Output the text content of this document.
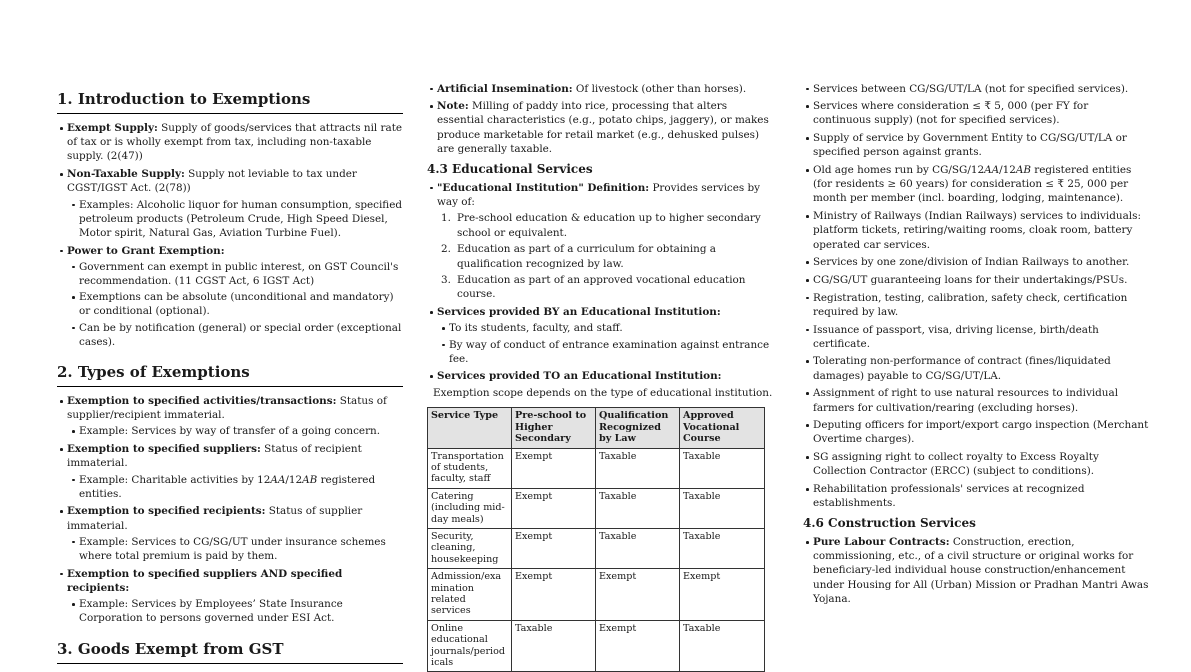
1. Introduction to Exemptions
Exempt Supply: Supply of goods/services that attracts nil rate of tax or is wholly exempt from tax, including non-taxable supply. (2(47))
Non-Taxable Supply: Supply not leviable to tax under CGST/IGST Act. (2(78))
Examples: Alcoholic liquor for human consumption, specified petroleum products (Petroleum Crude, High Speed Diesel, Motor spirit, Natural Gas, Aviation Turbine Fuel).
Power to Grant Exemption:
Government can exempt in public interest, on GST Council's recommendation. (11 CGST Act, 6 IGST Act)
Exemptions can be absolute (unconditional and mandatory) or conditional (optional).
Can be by notification (general) or special order (exceptional cases).
2. Types of Exemptions
Exemption to specified activities/transactions: Status of supplier/recipient immaterial.
Example: Services by way of transfer of a going concern.
Exemption to specified suppliers: Status of recipient immaterial.
Example: Charitable activities by 12AA/12AB registered entities.
Exemption to specified recipients: Status of supplier immaterial.
Example: Services to CG/SG/UT under insurance schemes where total premium is paid by them.
Exemption to specified suppliers AND specified recipients:
Example: Services by Employees’ State Insurance Corporation to persons governed under ESI Act.
3. Goods Exempt from GST
Artificial Insemination: Of livestock (other than horses).
Note: Milling of paddy into rice, processing that alters essential characteristics (e.g., potato chips, jaggery), or makes produce marketable for retail market (e.g., dehusked pulses) are generally taxable.
4.3 Educational Services
"Educational Institution" Definition: Provides services by way of:
1. Pre-school education & education up to higher secondary school or equivalent.
2. Education as part of a curriculum for obtaining a qualification recognized by law.
3. Education as part of an approved vocational education course.
Services provided BY an Educational Institution:
To its students, faculty, and staff.
By way of conduct of entrance examination against entrance fee.
Services provided TO an Educational Institution:
Exemption scope depends on the type of educational institution.
Service Type	Pre-school to Higher Secondary	Qualification Recognized by Law	Approved Vocational Course
Transportation of students, faculty, staff	Exempt	Taxable	Taxable
Catering (including mid-day meals)	Exempt	Taxable	Taxable
Security, cleaning, housekeeping	Exempt	Taxable	Taxable
Admission/examination related services	Exempt	Exempt	Exempt
Online educational journals/periodicals	Taxable	Exempt	Taxable
Services between CG/SG/UT/LA (not for specified services).
Services where consideration ≤ ₹ 5, 000 (per FY for continuous supply) (not for specified services).
Supply of service by Government Entity to CG/SG/UT/LA or specified person against grants.
Old age homes run by CG/SG/12AA/12AB registered entities (for residents ≥ 60 years) for consideration ≤ ₹ 25, 000 per month per member (incl. boarding, lodging, maintenance).
Ministry of Railways (Indian Railways) services to individuals: platform tickets, retiring/waiting rooms, cloak room, battery operated car services.
Services by one zone/division of Indian Railways to another.
CG/SG/UT guaranteeing loans for their undertakings/PSUs.
Registration, testing, calibration, safety check, certification required by law.
Issuance of passport, visa, driving license, birth/death certificate.
Tolerating non-performance of contract (fines/liquidated damages) payable to CG/SG/UT/LA.
Assignment of right to use natural resources to individual farmers for cultivation/rearing (excluding horses).
Deputing officers for import/export cargo inspection (Merchant Overtime charges).
SG assigning right to collect royalty to Excess Royalty Collection Contractor (ERCC) (subject to conditions).
Rehabilitation professionals' services at recognized establishments.
4.6 Construction Services
Pure Labour Contracts: Construction, erection, commissioning, etc., of a civil structure or original works for beneficiary-led individual house construction/enhancement under Housing for All (Urban) Mission or Pradhan Mantri Awas Yojana.
